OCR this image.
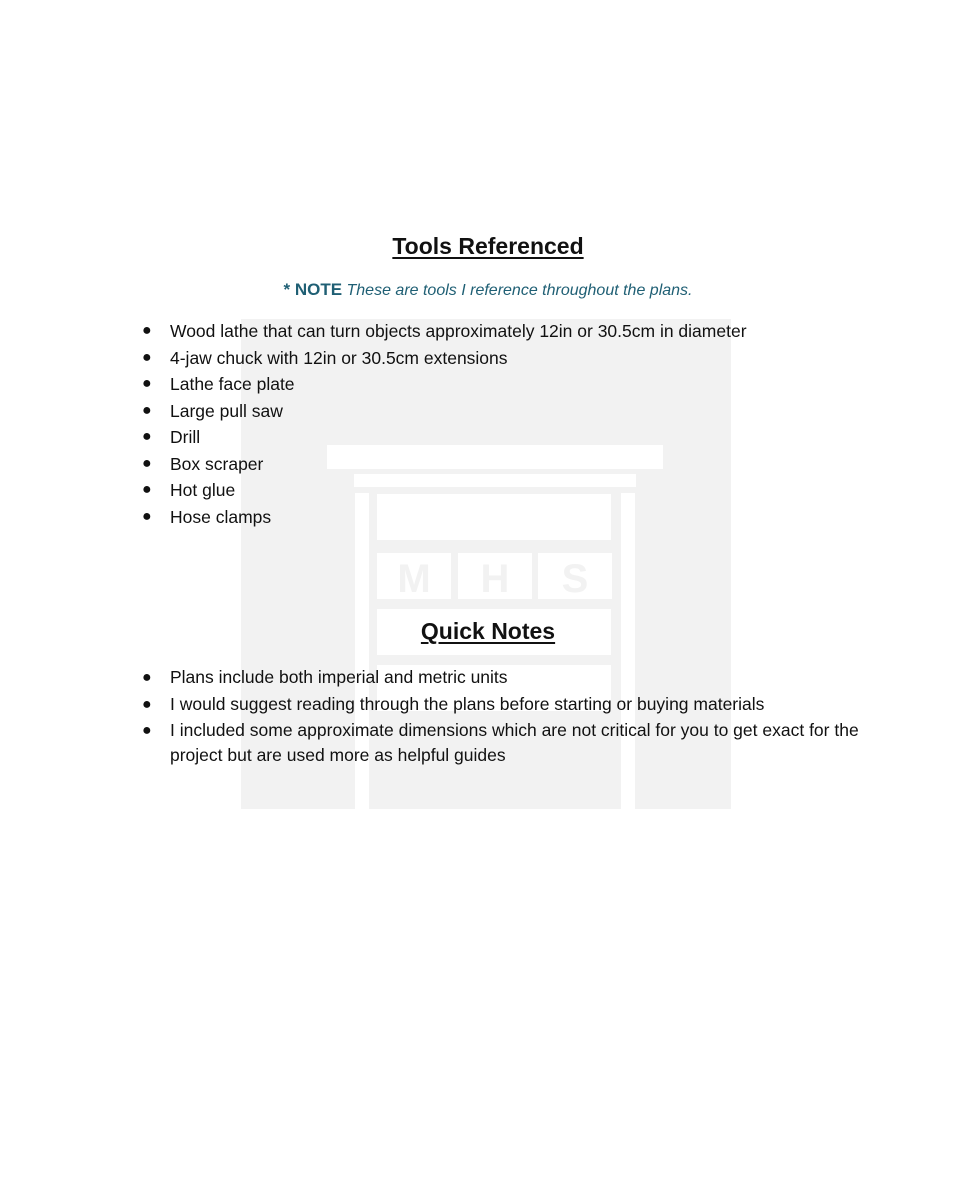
M H S
Tools Referenced
* NOTE These are tools I reference throughout the plans.
● Wood lathe that can turn objects approximately 12in or 30.5cm in diameter
● 4-jaw chuck with 12in or 30.5cm extensions
● Lathe face plate
● Large pull saw
● Drill
● Box scraper
● Hot glue
● Hose clamps
Quick Notes
● Plans include both imperial and metric units
● I would suggest reading through the plans before starting or buying materials
● I included some approximate dimensions which are not critical for you to get exact for the project but are used more as helpful guides
